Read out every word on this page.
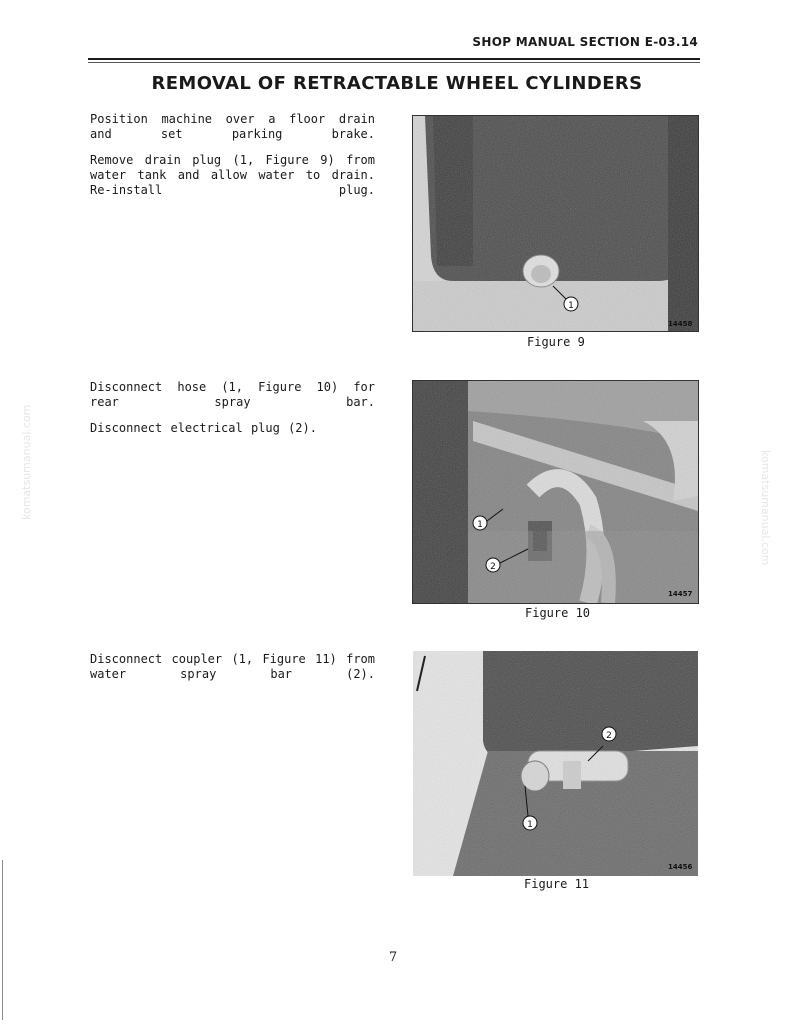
SHOP MANUAL SECTION E-03.14
REMOVAL OF RETRACTABLE WHEEL CYLINDERS

Position machine over a floor drain and set parking brake.

Remove drain plug (1, Figure 9) from water tank and allow water to drain. Re-install plug.

1
14458
Figure 9

Disconnect hose (1, Figure 10) for rear spray bar.

Disconnect electrical plug (2).

1
2
14457
Figure 10

Disconnect coupler (1, Figure 11) from water spray bar (2).

1
2
14456
Figure 11
7
komatsumanual.com	komatsumanual.com
